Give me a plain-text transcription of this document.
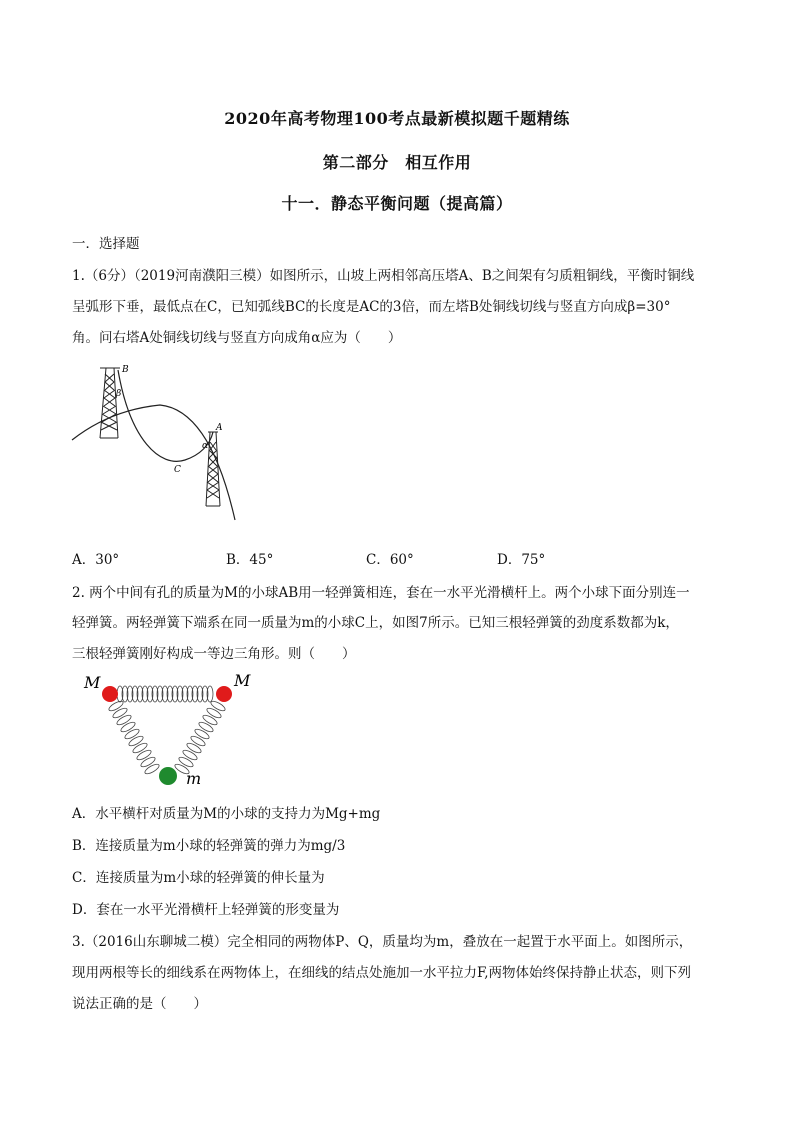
2020年高考物理100考点最新模拟题千题精练
第二部分　相互作用
十一．静态平衡问题（提高篇）
一．选择题
1.（6分）（2019河南濮阳三模）如图所示，山坡上两相邻高压塔A、B之间架有匀质粗铜线，平衡时铜线
呈弧形下垂，最低点在C，已知弧线BC的长度是AC的3倍，而左塔B处铜线切线与竖直方向成β=30°
角。问右塔A处铜线切线与竖直方向成角α应为（　　）
B
β
C
A
α
A．30°	B．45°	C．60°	D．75°
2. 两个中间有孔的质量为M的小球AB用一轻弹簧相连，套在一水平光滑横杆上。两个小球下面分别连一
轻弹簧。两轻弹簧下端系在同一质量为m的小球C上，如图7所示。已知三根轻弹簧的劲度系数都为k，
三根轻弹簧刚好构成一等边三角形。则（　　）
M	M
m
A．水平横杆对质量为M的小球的支持力为Mg+mg
B．连接质量为m小球的轻弹簧的弹力为mg/3
C．连接质量为m小球的轻弹簧的伸长量为
D．套在一水平光滑横杆上轻弹簧的形变量为
3.（2016山东聊城二模）完全相同的两物体P、Q，质量均为m，叠放在一起置于水平面上。如图所示，
现用两根等长的细线系在两物体上，在细线的结点处施加一水平拉力F,两物体始终保持静止状态，则下列
说法正确的是（　　）
